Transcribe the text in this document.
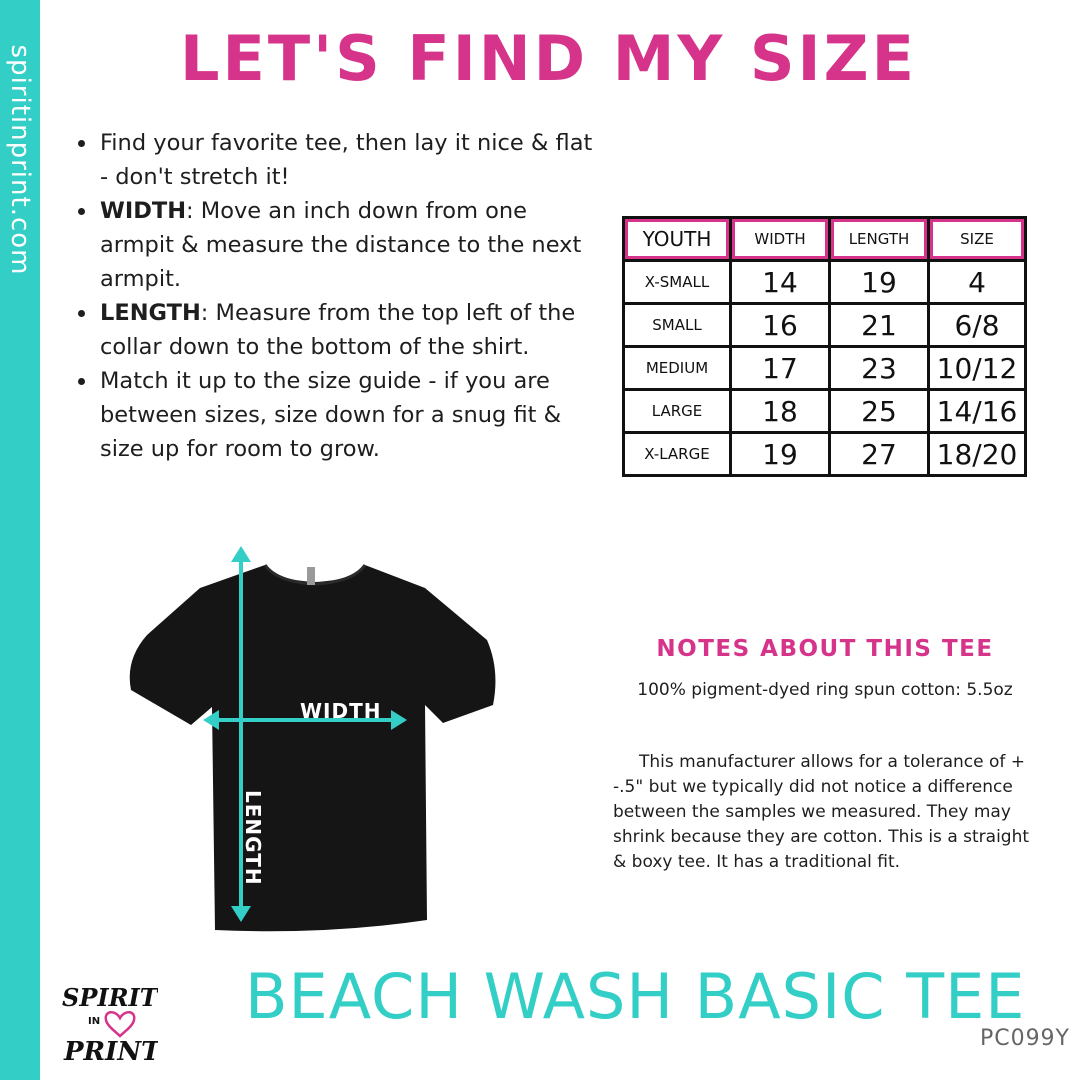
spiritinprint.com LET'S FIND MY SIZE
Find your favorite tee, then lay it nice & flat - don't stretch it!
WIDTH: Move an inch down from one armpit & measure the distance to the next armpit.
LENGTH: Measure from the top left of the collar down to the bottom of the shirt.
Match it up to the size guide - if you are between sizes, size down for a snug fit & size up for room to grow.
YOUTH	WIDTH	LENGTH	SIZE
X-SMALL	14	19	4
SMALL	16	21	6/8
MEDIUM	17	23	10/12
LARGE	18	25	14/16
X-LARGE	19	27	18/20
WIDTH
LENGTH
NOTES ABOUT THIS TEE
100% pigment-dyed ring spun cotton: 5.5oz
This manufacturer allows for a tolerance of + -.5" but we typically did not notice a difference between the samples we measured. They may shrink because they are cotton. This is a straight & boxy tee. It has a traditional fit.
SPIRIT
IN
PRINT
BEACH WASH BASIC TEE
PC099Y
